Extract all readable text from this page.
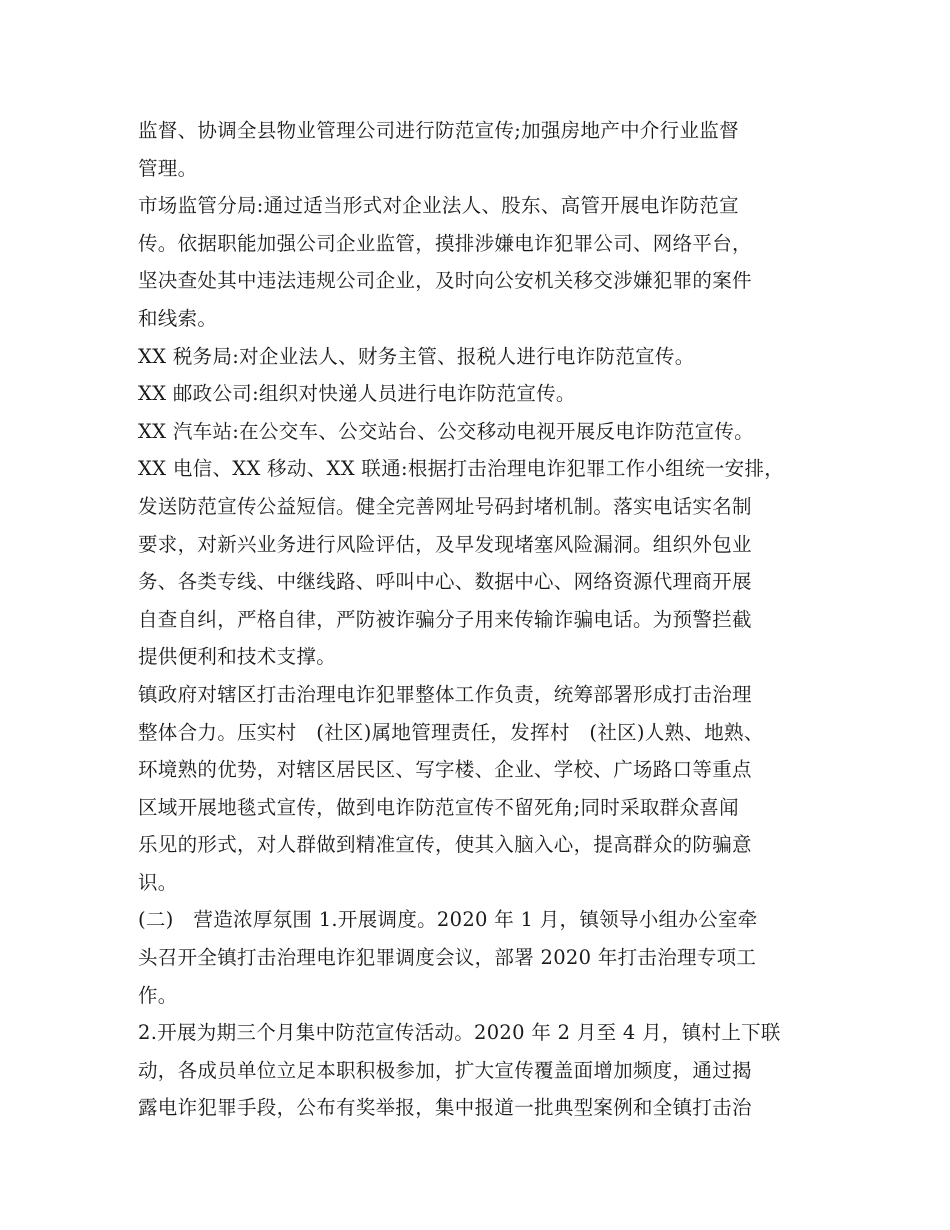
监督、协调全县物业管理公司进行防范宣传;加强房地产中介行业监督
管理。
市场监管分局:通过适当形式对企业法人、股东、高管开展电诈防范宣
传。依据职能加强公司企业监管，摸排涉嫌电诈犯罪公司、网络平台，
坚决查处其中违法违规公司企业，及时向公安机关移交涉嫌犯罪的案件
和线索。
XX 税务局:对企业法人、财务主管、报税人进行电诈防范宣传。
XX 邮政公司:组织对快递人员进行电诈防范宣传。
XX 汽车站:在公交车、公交站台、公交移动电视开展反电诈防范宣传。
XX 电信、XX 移动、XX 联通:根据打击治理电诈犯罪工作小组统一安排，
发送防范宣传公益短信。健全完善网址号码封堵机制。落实电话实名制
要求，对新兴业务进行风险评估，及早发现堵塞风险漏洞。组织外包业
务、各类专线、中继线路、呼叫中心、数据中心、网络资源代理商开展
自查自纠，严格自律，严防被诈骗分子用来传输诈骗电话。为预警拦截
提供便利和技术支撑。
镇政府对辖区打击治理电诈犯罪整体工作负责，统筹部署形成打击治理
整体合力。压实村　(社区)属地管理责任，发挥村　(社区)人熟、地熟、
环境熟的优势，对辖区居民区、写字楼、企业、学校、广场路口等重点
区域开展地毯式宣传，做到电诈防范宣传不留死角;同时采取群众喜闻
乐见的形式，对人群做到精准宣传，使其入脑入心，提高群众的防骗意
识。
(二)　营造浓厚氛围 1.开展调度。2020 年 1 月，镇领导小组办公室牵
头召开全镇打击治理电诈犯罪调度会议，部署 2020 年打击治理专项工
作。
2.开展为期三个月集中防范宣传活动。2020 年 2 月至 4 月，镇村上下联
动，各成员单位立足本职积极参加，扩大宣传覆盖面增加频度，通过揭
露电诈犯罪手段，公布有奖举报，集中报道一批典型案例和全镇打击治
